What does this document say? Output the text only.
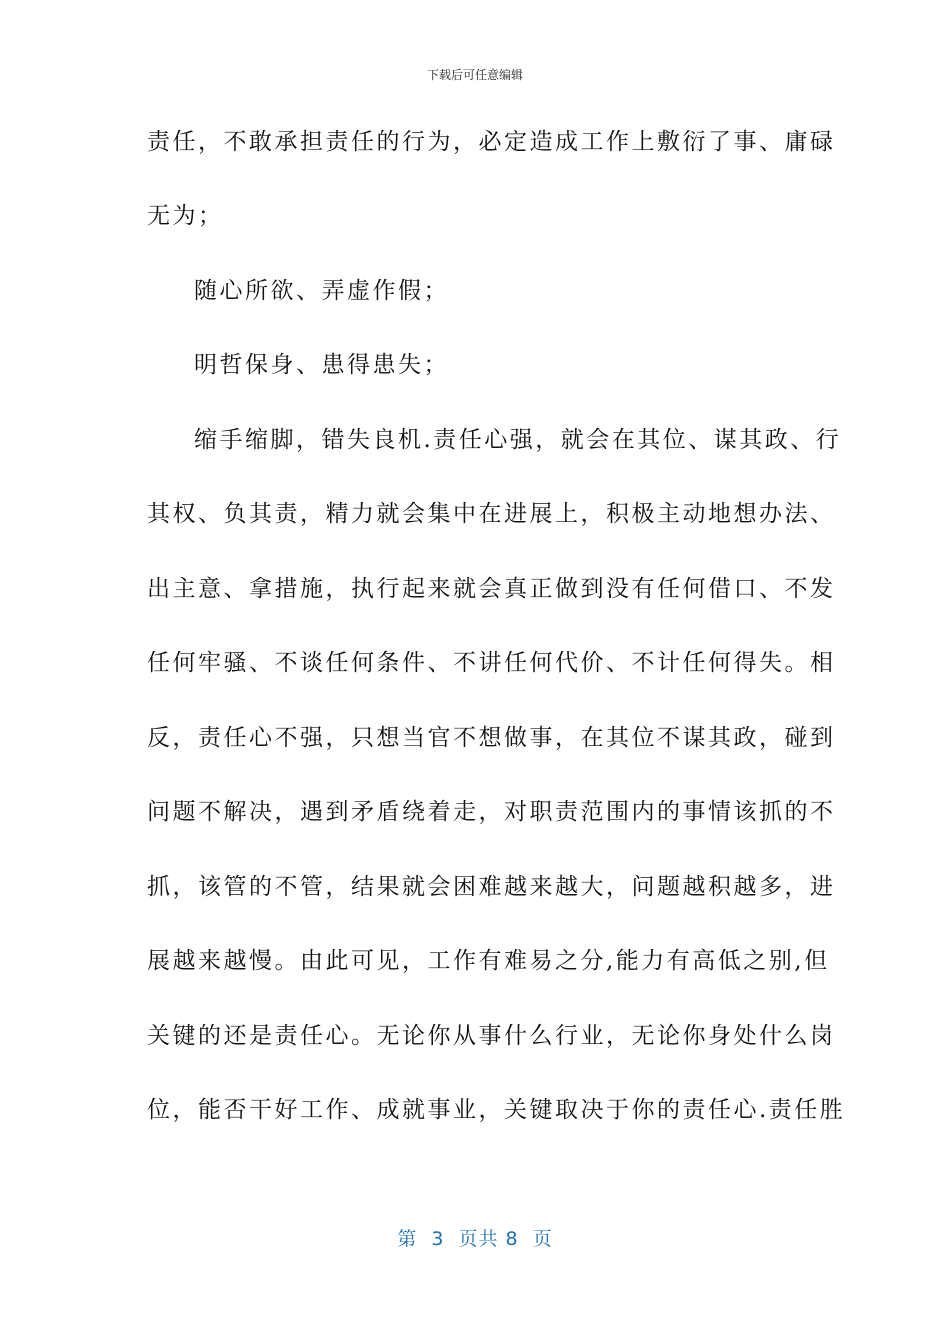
下载后可任意编辑
责任，不敢承担责任的行为，必定造成工作上敷衍了事、庸碌
无为；
随心所欲、弄虚作假；
明哲保身、患得患失；
缩手缩脚，错失良机.责任心强，就会在其位、谋其政、行
其权、负其责，精力就会集中在进展上，积极主动地想办法、
出主意、拿措施，执行起来就会真正做到没有任何借口、不发
任何牢骚、不谈任何条件、不讲任何代价、不计任何得失。相
反，责任心不强，只想当官不想做事，在其位不谋其政，碰到
问题不解决，遇到矛盾绕着走，对职责范围内的事情该抓的不
抓，该管的不管，结果就会困难越来越大，问题越积越多，进
展越来越慢。由此可见，工作有难易之分,能力有高低之别,但
关键的还是责任心。无论你从事什么行业，无论你身处什么岗
位，能否干好工作、成就事业，关键取决于你的责任心.责任胜
第  3  页共 8  页
